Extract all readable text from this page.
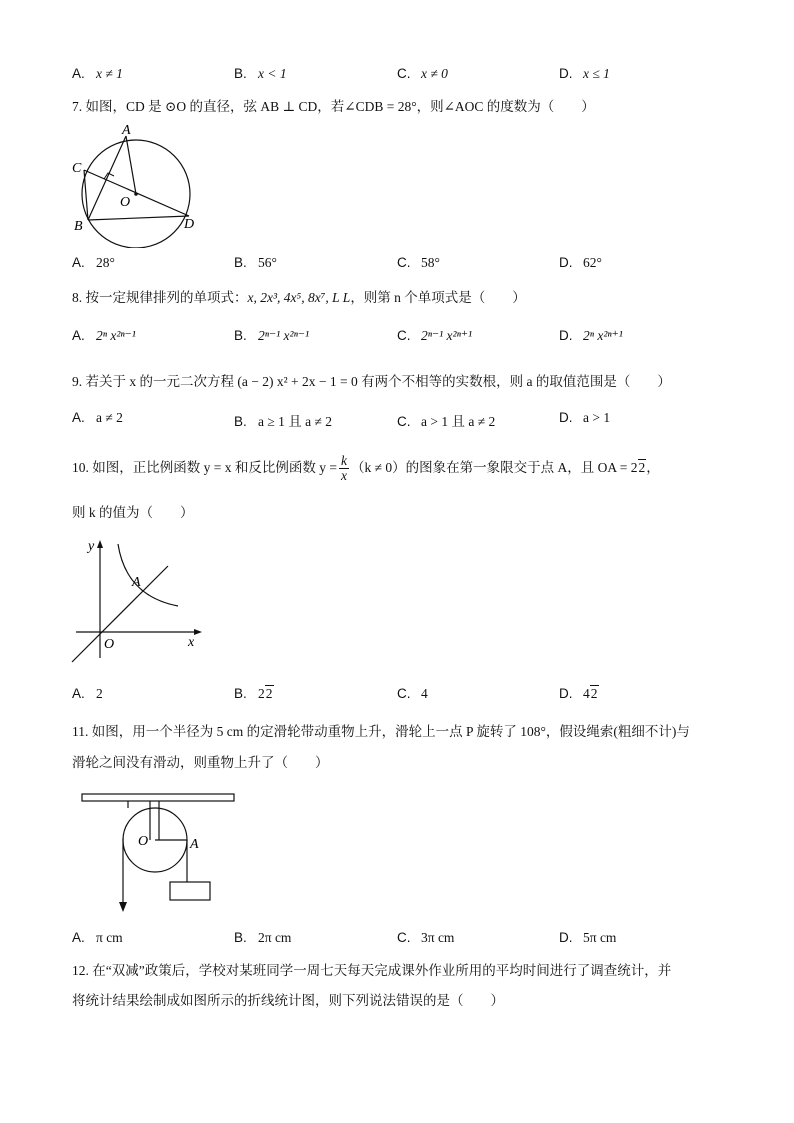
A. x ≠ 1	B. x < 1	C. x ≠ 0	D. x ≤ 1
7. 如图，CD 是 ⊙O 的直径，弦 AB ⊥ CD，若∠CDB = 28°，则∠AOC 的度数为（　　）
A
C
O
B	D
A. 28°	B. 56°	C. 58°	D. 62°
8. 按一定规律排列的单项式：x, 2x³, 4x⁵, 8x⁷, L L，则第 n 个单项式是（　　）
A. 2ⁿ x²ⁿ⁻¹	B. 2ⁿ⁻¹ x²ⁿ⁻¹	C. 2ⁿ⁻¹ x²ⁿ⁺¹	D. 2ⁿ x²ⁿ⁺¹
9. 若关于 x 的一元二次方程 (a − 2) x² + 2x − 1 = 0 有两个不相等的实数根，则 a 的取值范围是（　　）
A. a ≠ 2	B. a ≥ 1 且 a ≠ 2	C. a > 1 且 a ≠ 2	D. a > 1
10. 如图，正比例函数 y = x 和反比例函数 $y = \frac{k}{x} (k \ne 0)$的图象在第一象限交于点 A，且 OA = 22，
则 k 的值为（　　）
y
x
O
A
A. 2	B. 22	C. 4	D. 42
11. 如图，用一个半径为 5 cm 的定滑轮带动重物上升，滑轮上一点 P 旋转了 108°，假设绳索(粗细不计)与
滑轮之间没有滑动，则重物上升了（　　）
O	A
A. π cm	B. 2π cm	C. 3π cm	D. 5π cm
12. 在“双减”政策后，学校对某班同学一周七天每天完成课外作业所用的平均时间进行了调查统计，并
将统计结果绘制成如图所示的折线统计图，则下列说法错误的是（　　）
